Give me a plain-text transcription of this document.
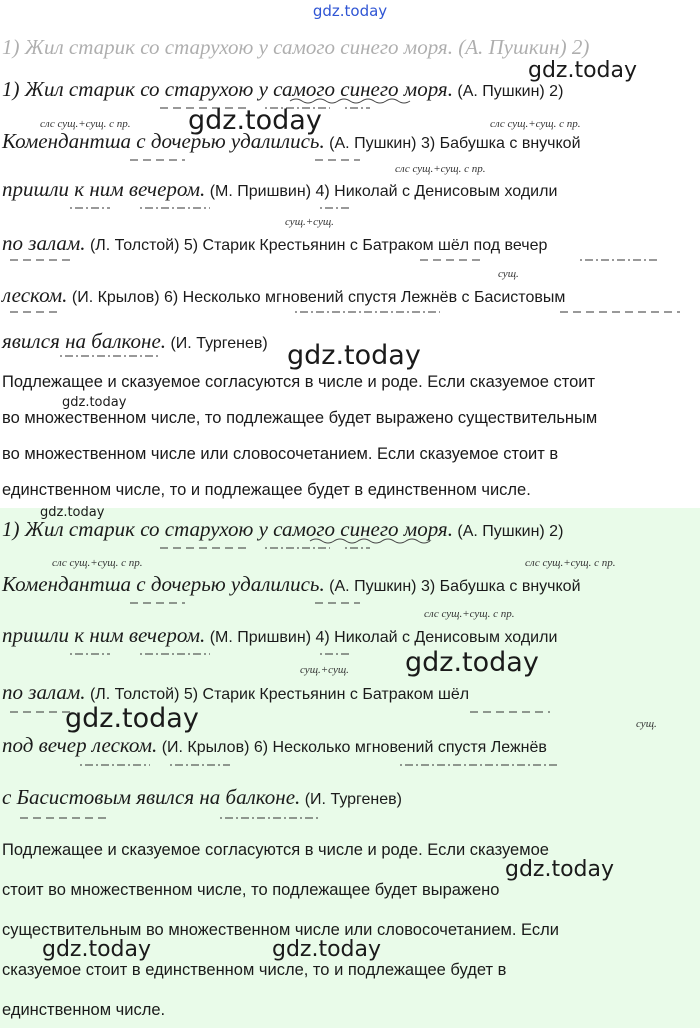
gdz.today
1) Жил старик со старухою у самого синего моря. (А. Пушкин) 2)
слс сущ.+сущ. с пр.	слс сущ.+сущ. с пр.
слс сущ.+сущ. с пр.
сущ.+сущ.
сущ.
1) Жил старик со старухою у самого синего моря. (А. Пушкин) 2)
Комендантша с дочерью удалились. (А. Пушкин) 3) Бабушка с внучкой
пришли к ним вечером. (М. Пришвин) 4) Николай с Денисовым ходили
по залам. (Л. Толстой) 5) Старик Крестьянин с Батраком шёл под вечер
леском. (И. Крылов) 6) Несколько мгновений спустя Лежнёв с Басистовым
явился на балконе. (И. Тургенев)
Подлежащее и сказуемое согласуются в числе и роде. Если сказуемое стоит
во множественном числе, то подлежащее будет выражено существительным
во множественном числе или словосочетанием. Если сказуемое стоит в
единственном числе, то и подлежащее будет в единственном числе.
слс сущ.+сущ. с пр.	слс сущ.+сущ. с пр.
слс сущ.+сущ. с пр.
сущ.+сущ.
сущ.
1) Жил старик со старухою у самого синего моря. (А. Пушкин) 2)
Комендантша с дочерью удалились. (А. Пушкин) 3) Бабушка с внучкой
пришли к ним вечером. (М. Пришвин) 4) Николай с Денисовым ходили
по залам. (Л. Толстой) 5) Старик Крестьянин с Батраком шёл
под вечер леском. (И. Крылов) 6) Несколько мгновений спустя Лежнёв
с Басистовым явился на балконе. (И. Тургенев)
Подлежащее и сказуемое согласуются в числе и роде. Если сказуемое
стоит во множественном числе, то подлежащее будет выражено
существительным во множественном числе или словосочетанием. Если
сказуемое стоит в единственном числе, то и подлежащее будет в
единственном числе.
gdz.today
gdz.today
gdz.today
gdz.today
gdz.today
gdz.today
gdz.today
gdz.today
gdz.today	gdz.today
